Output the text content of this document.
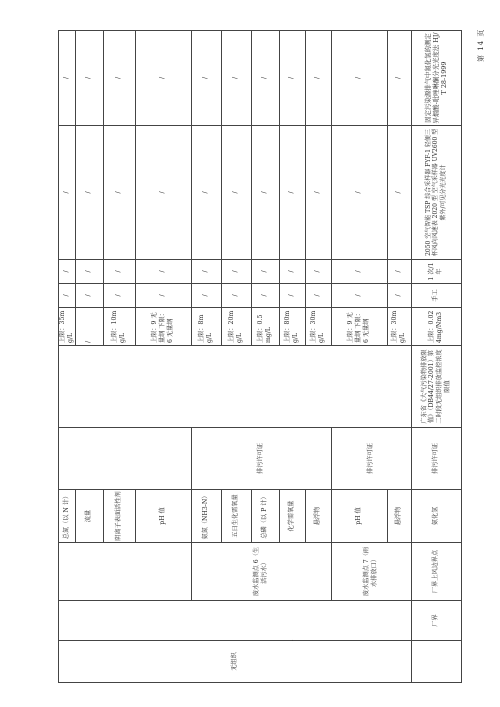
无组织			总氮（以 N 计）			上限：35mg/L	/	/	/	/
			流量			/	/	/	/	/
			阴离子表面活性剂			上限：10mg/L	/	/	/	/
			pH 值			上限：9 无量纲 下限：6 无量纲	/	/	/	/
		废水监测点 6（生活污水）	氨氮（NH3-N）	排污许可证		上限：8mg/L	/	/	/	/
			五日生化需氧量			上限：20mg/L	/	/	/	/
			总磷（以 P 计）			上限：0.5mg/L	/	/	/	/
			化学需氧量			上限：80mg/L	/	/	/	/
			悬浮物			上限：30mg/L	/	/	/	/
		废水监测点 7（雨水排放口）	pH 值	排污许可证		上限：9 无量纲 下限：6 无量纲	/	/	/	/
			悬浮物			上限：30mg/L	/	/	/	/
	厂界	厂界上风边界点	氨化氢	排污许可证	广东省《大气污染物排放限值》（DB44/27-2001）第二时段无组织排放监控浓度限值	上限：0.024mg/Nm3	手工	1 次/1 年	2050 空气智能 TSP 综合采样器 FYF-1 轻便三杯风向风速表 2020 型 空气采样器 UV2600 型 紫外/可见分光光度计	固定污染源排气中氮化氢的测定 异烟酸-吡唑啉酮分光光度法 HJ/T 28-1999
·
第 14 页
